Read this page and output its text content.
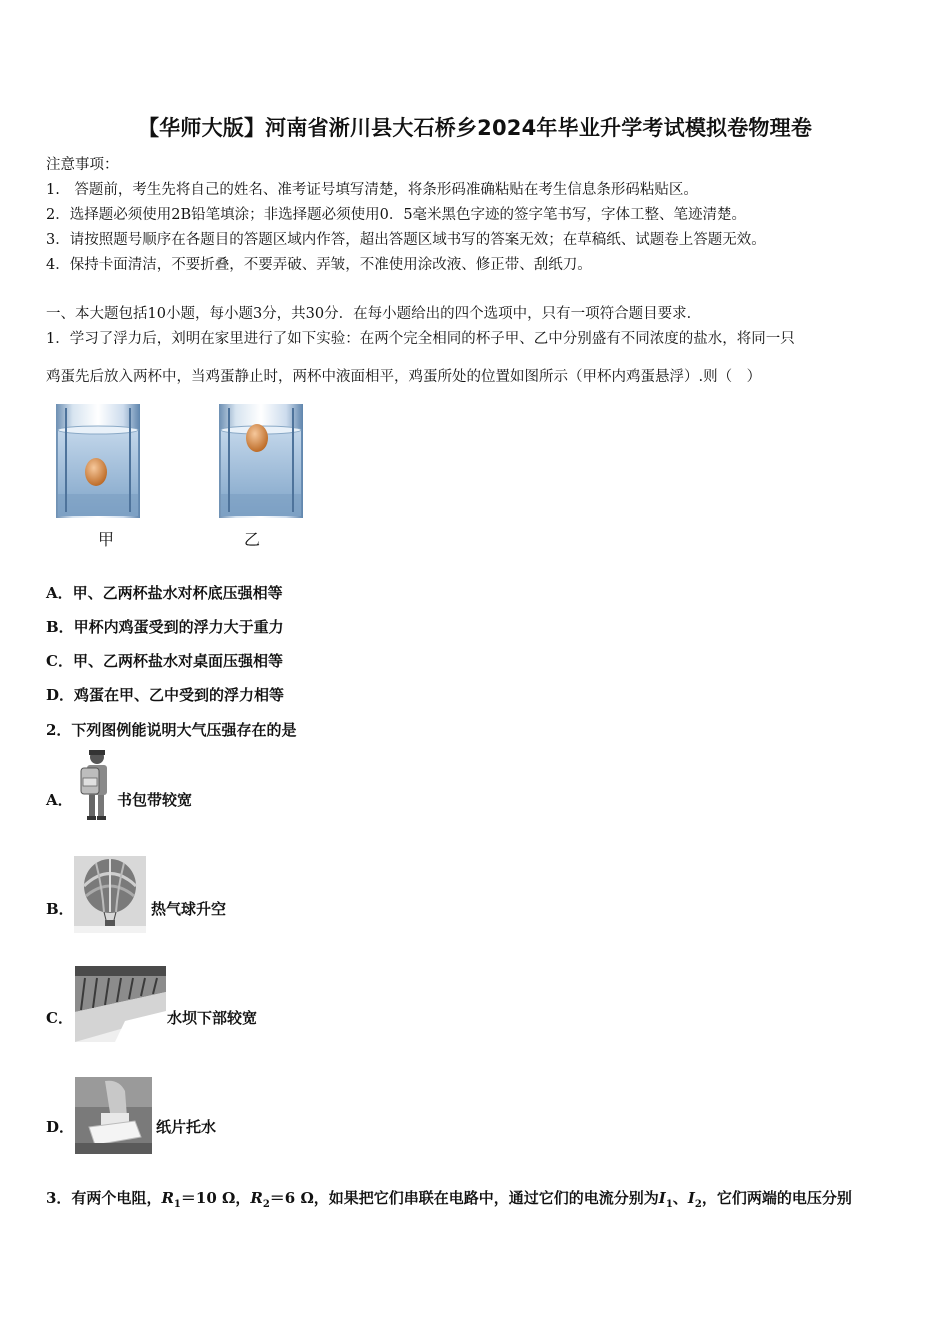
【华师大版】河南省淅川县大石桥乡2024年毕业升学考试模拟卷物理卷
注意事项：
1.　答题前，考生先将自己的姓名、准考证号填写清楚，将条形码准确粘贴在考生信息条形码粘贴区。
2．选择题必须使用2B铅笔填涂；非选择题必须使用0．5毫米黑色字迹的签字笔书写，字体工整、笔迹清楚。
3．请按照题号顺序在各题目的答题区域内作答，超出答题区域书写的答案无效；在草稿纸、试题卷上答题无效。
4．保持卡面清洁，不要折叠，不要弄破、弄皱，不准使用涂改液、修正带、刮纸刀。
一、本大题包括10小题，每小题3分，共30分．在每小题给出的四个选项中，只有一项符合题目要求．
1．学习了浮力后，刘明在家里进行了如下实验：在两个完全相同的杯子甲、乙中分别盛有不同浓度的盐水，将同一只
鸡蛋先后放入两杯中，当鸡蛋静止时，两杯中液面相平，鸡蛋所处的位置如图所示（甲杯内鸡蛋悬浮）.则（　）
甲	乙
A．甲、乙两杯盐水对杯底压强相等
B．甲杯内鸡蛋受到的浮力大于重力
C．甲、乙两杯盐水对桌面压强相等
D．鸡蛋在甲、乙中受到的浮力相等
2．下列图例能说明大气压强存在的是
A．	书包带较宽
B．	热气球升空
C．	水坝下部较宽
D．	纸片托水
3．有两个电阻，$R_1=10$ Ω，$R_2=6$ Ω，如果把它们串联在电路中，通过它们的电流分别为$I_1$、$I_2$，它们两端的电压分别
